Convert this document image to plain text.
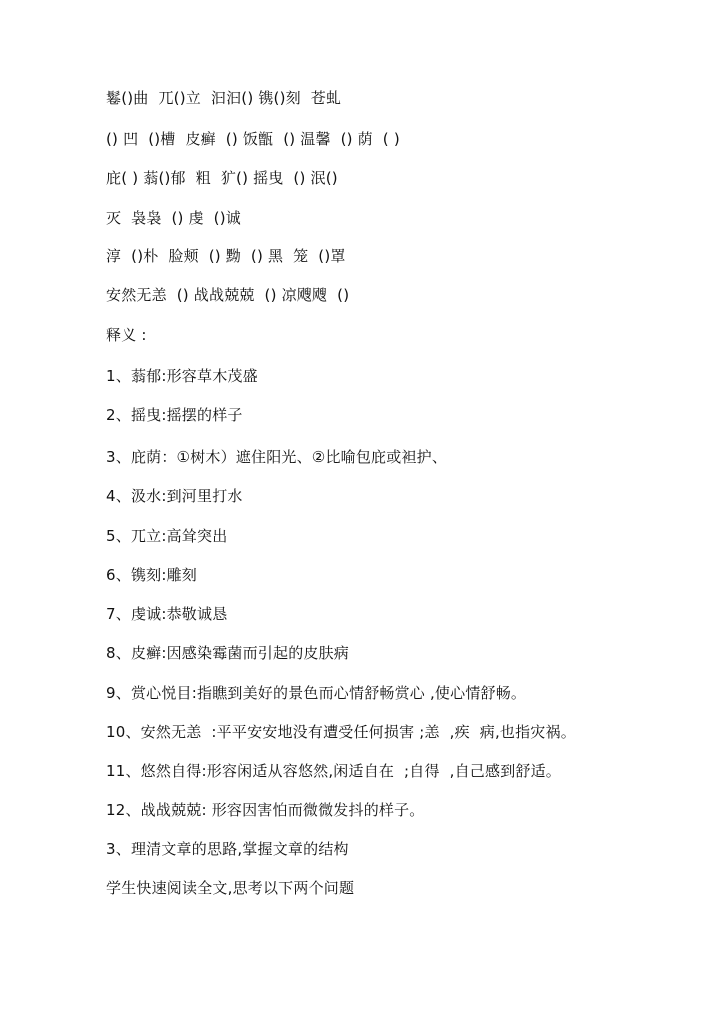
鬈()曲  兀()立  汩汩() 镌()刻  苍虬
() 凹  ()槽  皮癣  () 饭甑  () 温馨  () 荫  ( )
庇( ) 蓊()郁  粗  犷() 摇曳  () 泯()
灭  袅袅  () 虔  ()诚
淳  ()朴  脸颊  () 黝  () 黑  笼  ()罩
安然无恙  () 战战兢兢  () 凉飕飕  ()
释义 :
1、蓊郁:形容草木茂盛
2、摇曳:摇摆的样子
3、庇荫：①树木）遮住阳光、②比喻包庇或袒护、
4、汲水:到河里打水
5、兀立:高耸突出
6、镌刻:雕刻
7、虔诚:恭敬诚恳
8、皮癣:因感染霉菌而引起的皮肤病
9、赏心悦目:指瞧到美好的景色而心情舒畅赏心 ,使心情舒畅。
10、安然无恙  :平平安安地没有遭受任何损害 ;恙  ,疾  病,也指灾祸。
11、悠然自得:形容闲适从容悠然,闲适自在  ;自得  ,自己感到舒适。
12、战战兢兢: 形容因害怕而微微发抖的样子。
3、理清文章的思路,掌握文章的结构
学生快速阅读全文,思考以下两个问题
